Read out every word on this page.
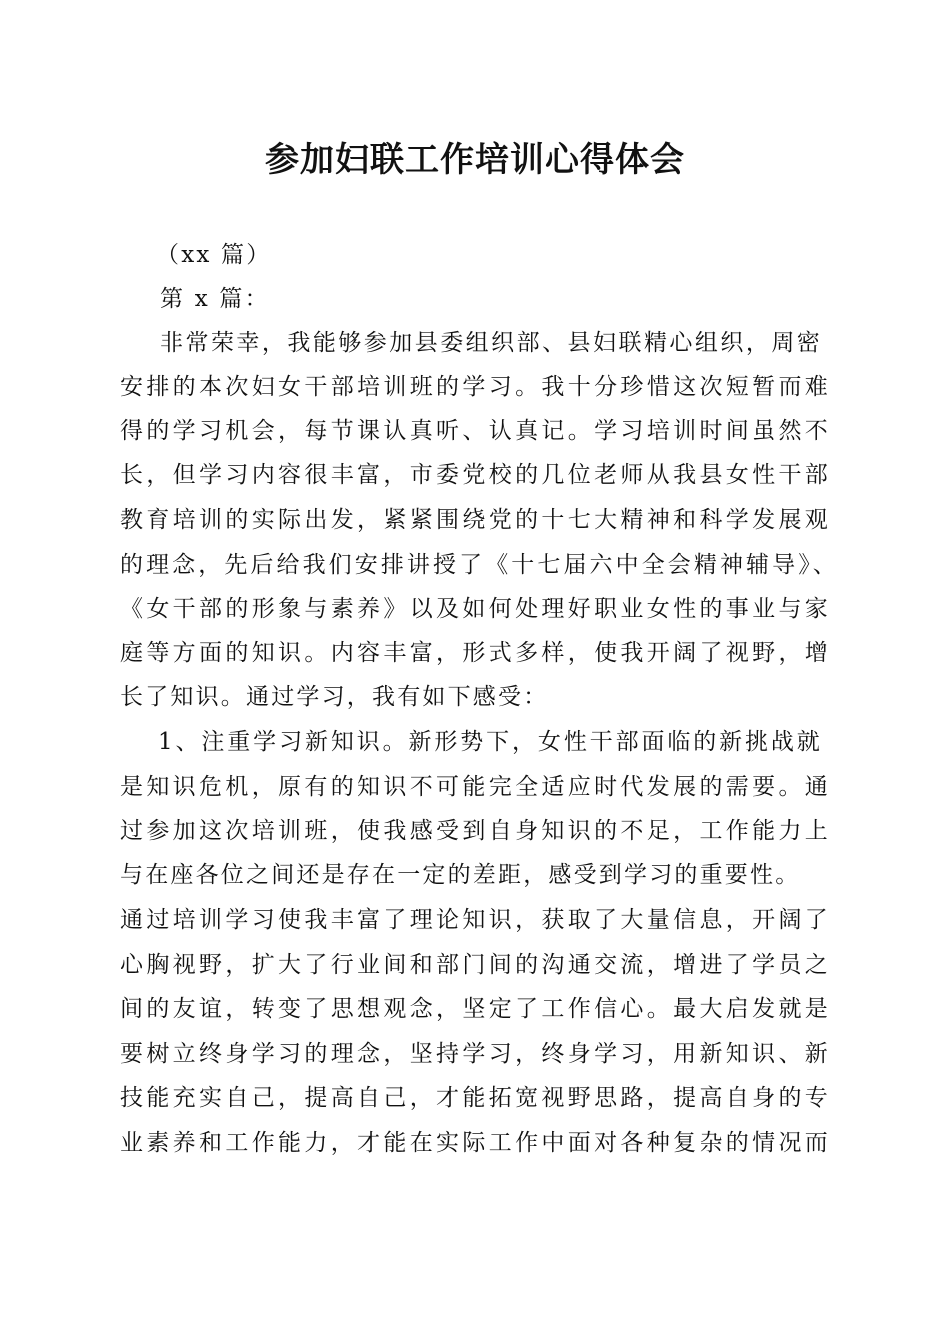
参加妇联工作培训心得体会
（xx 篇）
第 x 篇：
非常荣幸，我能够参加县委组织部、县妇联精心组织，周密
安排的本次妇女干部培训班的学习。我十分珍惜这次短暂而难
得的学习机会，每节课认真听、认真记。学习培训时间虽然不
长，但学习内容很丰富，市委党校的几位老师从我县女性干部
教育培训的实际出发，紧紧围绕党的十七大精神和科学发展观
的理念，先后给我们安排讲授了《十七届六中全会精神辅导》、
《女干部的形象与素养》以及如何处理好职业女性的事业与家
庭等方面的知识。内容丰富，形式多样，使我开阔了视野，增
长了知识。通过学习，我有如下感受：
1、注重学习新知识。新形势下，女性干部面临的新挑战就
是知识危机，原有的知识不可能完全适应时代发展的需要。通
过参加这次培训班，使我感受到自身知识的不足，工作能力上
与在座各位之间还是存在一定的差距，感受到学习的重要性。
通过培训学习使我丰富了理论知识，获取了大量信息，开阔了
心胸视野，扩大了行业间和部门间的沟通交流，增进了学员之
间的友谊，转变了思想观念，坚定了工作信心。最大启发就是
要树立终身学习的理念，坚持学习，终身学习，用新知识、新
技能充实自己，提高自己，才能拓宽视野思路，提高自身的专
业素养和工作能力，才能在实际工作中面对各种复杂的情况而
